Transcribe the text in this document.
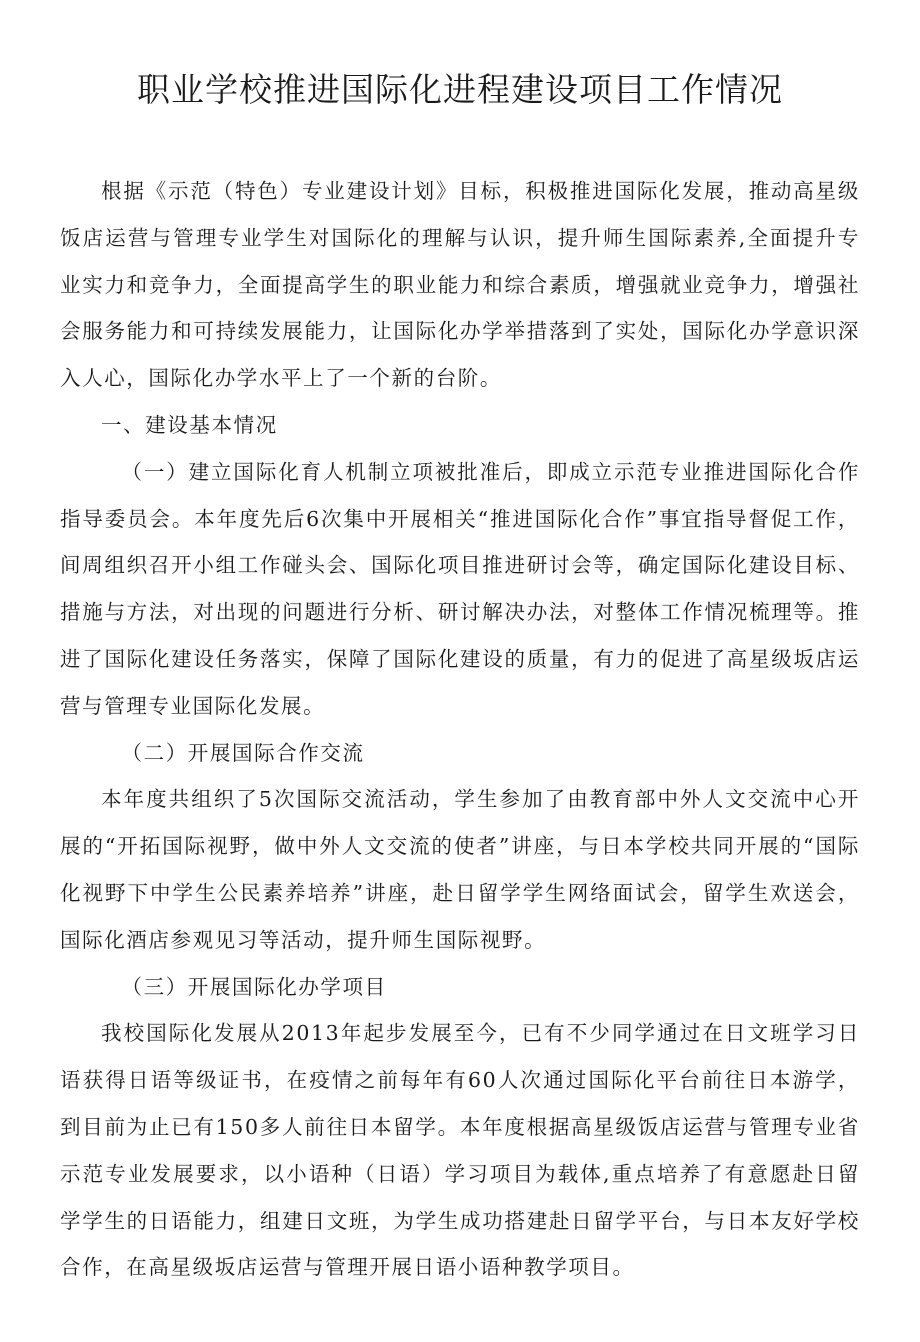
职业学校推进国际化进程建设项目工作情况

根据《示范（特色）专业建设计划》目标，积极推进国际化发展，推动高星级饭店运营与管理专业学生对国际化的理解与认识，提升师生国际素养,全面提升专业实力和竞争力，全面提高学生的职业能力和综合素质，增强就业竞争力，增强社会服务能力和可持续发展能力，让国际化办学举措落到了实处，国际化办学意识深入人心，国际化办学水平上了一个新的台阶。

一、建设基本情况

（一）建立国际化育人机制立项被批准后，即成立示范专业推进国际化合作指导委员会。本年度先后6次集中开展相关“推进国际化合作”事宜指导督促工作，间周组织召开小组工作碰头会、国际化项目推进研讨会等，确定国际化建设目标、措施与方法，对出现的问题进行分析、研讨解决办法，对整体工作情况梳理等。推进了国际化建设任务落实，保障了国际化建设的质量，有力的促进了高星级坂店运营与管理专业国际化发展。

（二）开展国际合作交流

本年度共组织了5次国际交流活动，学生参加了由教育部中外人文交流中心开展的“开拓国际视野，做中外人文交流的使者”讲座，与日本学校共同开展的“国际化视野下中学生公民素养培养”讲座，赴日留学学生网络面试会，留学生欢送会，国际化酒店参观见习等活动，提升师生国际视野。

（三）开展国际化办学项目

我校国际化发展从2013年起步发展至今，已有不少同学通过在日文班学习日语获得日语等级证书，在疫情之前每年有60人次通过国际化平台前往日本游学，到目前为止已有150多人前往日本留学。本年度根据高星级饭店运营与管理专业省示范专业发展要求，以小语种（日语）学习项目为载体,重点培养了有意愿赴日留学学生的日语能力，组建日文班，为学生成功搭建赴日留学平台，与日本友好学校合作，在高星级坂店运营与管理开展日语小语种教学项目。
